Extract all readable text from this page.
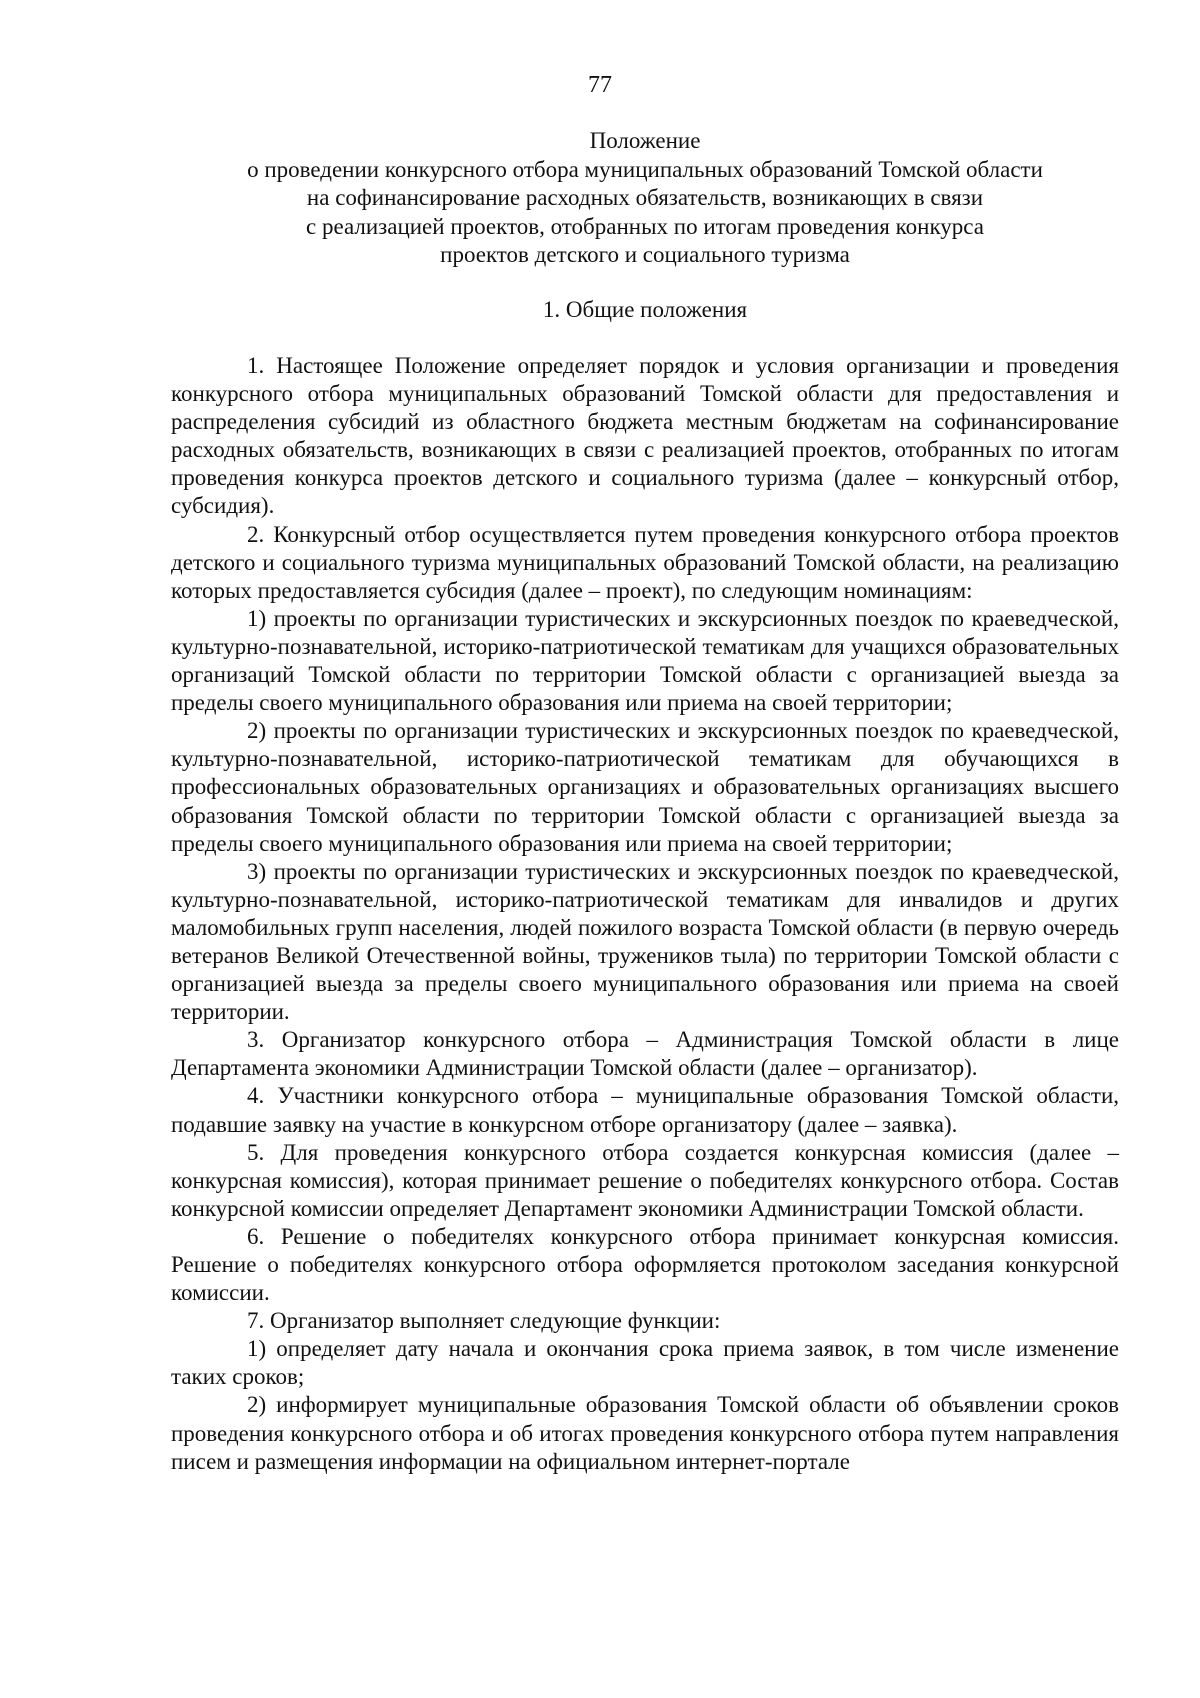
77
Положение
о проведении конкурсного отбора муниципальных образований Томской области
на софинансирование расходных обязательств, возникающих в связи
с реализацией проектов, отобранных по итогам проведения конкурса
проектов детского и социального туризма
1. Общие положения

1. Настоящее Положение определяет порядок и условия организации и проведения конкурсного отбора муниципальных образований Томской области для предоставления и распределения субсидий из областного бюджета местным бюджетам на софинансирование расходных обязательств, возникающих в связи с реализацией проектов, отобранных по итогам проведения конкурса проектов детского и социального туризма (далее – конкурсный отбор, субсидия).

2. Конкурсный отбор осуществляется путем проведения конкурсного отбора проектов детского и социального туризма муниципальных образований Томской области, на реализацию которых предоставляется субсидия (далее – проект), по следующим номинациям:

1) проекты по организации туристических и экскурсионных поездок по краеведческой, культурно-познавательной, историко-патриотической тематикам для учащихся образовательных организаций Томской области по территории Томской области с организацией выезда за пределы своего муниципального образования или приема на своей территории;

2) проекты по организации туристических и экскурсионных поездок по краеведческой, культурно-познавательной, историко-патриотической тематикам для обучающихся в профессиональных образовательных организациях и образовательных организациях высшего образования Томской области по территории Томской области с организацией выезда за пределы своего муниципального образования или приема на своей территории;

3) проекты по организации туристических и экскурсионных поездок по краеведческой, культурно-познавательной, историко-патриотической тематикам для инвалидов и других маломобильных групп населения, людей пожилого возраста Томской области (в первую очередь ветеранов Великой Отечественной войны, тружеников тыла) по территории Томской области с организацией выезда за пределы своего муниципального образования или приема на своей территории.

3. Организатор конкурсного отбора – Администрация Томской области в лице Департамента экономики Администрации Томской области (далее – организатор).

4. Участники конкурсного отбора – муниципальные образования Томской области, подавшие заявку на участие в конкурсном отборе организатору (далее – заявка).

5. Для проведения конкурсного отбора создается конкурсная комиссия (далее – конкурсная комиссия), которая принимает решение о победителях конкурсного отбора. Состав конкурсной комиссии определяет Департамент экономики Администрации Томской области.

6. Решение о победителях конкурсного отбора принимает конкурсная комиссия. Решение о победителях конкурсного отбора оформляется протоколом заседания конкурсной комиссии.

7. Организатор выполняет следующие функции:

1) определяет дату начала и окончания срока приема заявок, в том числе изменение таких сроков;

2) информирует муниципальные образования Томской области об объявлении сроков проведения конкурсного отбора и об итогах проведения конкурсного отбора путем направления писем и размещения информации на официальном интернет-портале
